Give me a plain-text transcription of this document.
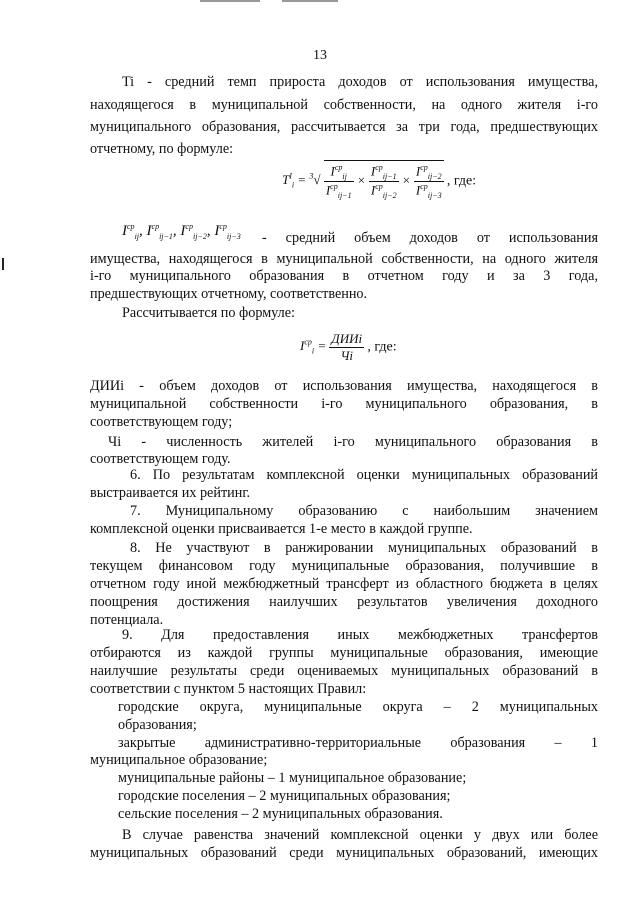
13
Ti - средний темп прироста доходов от использования имущества,
находящегося в муниципальной собственности, на одного жителя i-го
муниципального образования, рассчитывается за три года, предшествующих
отчетному, по формуле:
$T^I_i = ^3√ \frac{I^{cp}_{ij}}{I^{cp}_{ij-1}} \times \frac{I^{cp}_{ij-1}}{I^{cp}_{ij-2}} \times \frac{I^{cp}_{ij-2}}{I^{cp}_{ij-3}}$ , где:
$I^{cp}_{ij}$, $I^{cp}_{ij-1}$, $I^{cp}_{ij-2}$, $I^{cp}_{ij-3}$ - средний объем доходов от использования
имущества, находящегося в муниципальной собственности, на одного жителя
i-го муниципального образования в отчетном году и за 3 года,
предшествующих отчетному, соответственно.
Рассчитывается по формуле:
$I^{cp}_i = \frac{\text{ДИИi}}{Чi}$ , где:
ДИИi - объем доходов от использования имущества, находящегося в
муниципальной собственности i-го муниципального образования, в
соответствующем году;
Чi - численность жителей i-го муниципального образования в
соответствующем году.
6. По результатам комплексной оценки муниципальных образований
выстраивается их рейтинг.
7. Муниципальному образованию с наибольшим значением
комплексной оценки присваивается 1-е место в каждой группе.
8. Не участвуют в ранжировании муниципальных образований в
текущем финансовом году муниципальные образования, получившие в
отчетном году иной межбюджетный трансферт из областного бюджета в целях
поощрения достижения наилучших результатов увеличения доходного
потенциала.
9. Для предоставления иных межбюджетных трансфертов
отбираются из каждой группы муниципальные образования, имеющие
наилучшие результаты среди оцениваемых муниципальных образований в
соответствии с пунктом 5 настоящих Правил:
городские округа, муниципальные округа – 2 муниципальных
образования;
закрытые административно-территориальные образования – 1
муниципальное образование;
муниципальные районы – 1 муниципальное образование;
городские поселения – 2 муниципальных образования;
сельские поселения – 2 муниципальных образования.
В случае равенства значений комплексной оценки у двух или более
муниципальных образований среди муниципальных образований, имеющих
